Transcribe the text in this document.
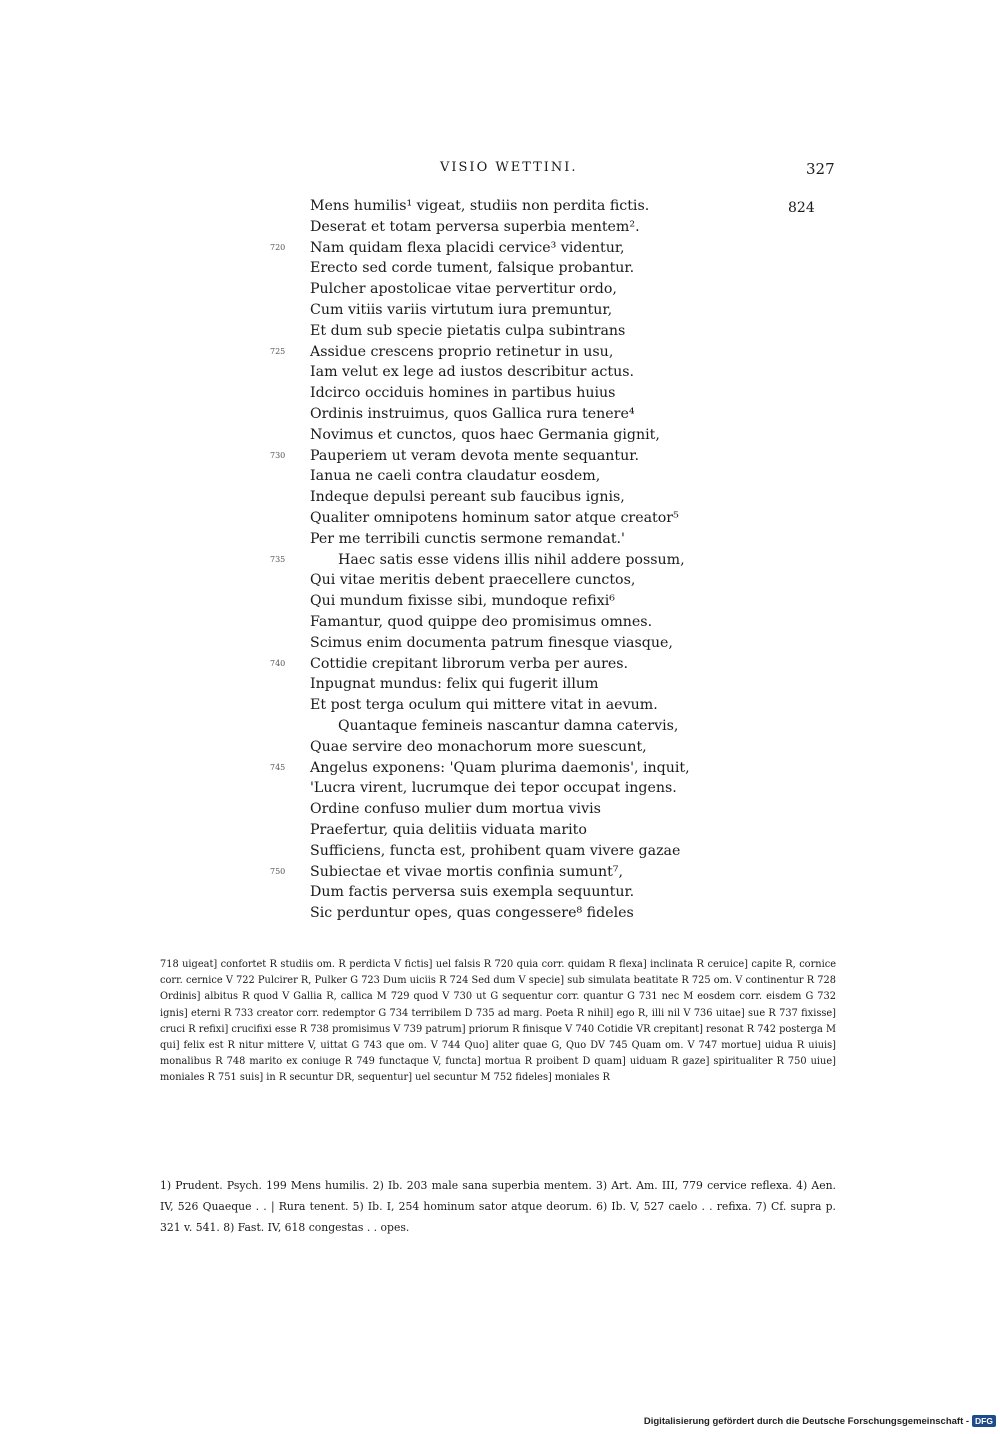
VISIO WETTINI.	327
824
Mens humilis¹ vigeat, studiis non perdita fictis.
Deserat et totam perversa superbia mentem².
720	Nam quidam flexa placidi cervice³ videntur,
Erecto sed corde tument, falsique probantur.
Pulcher apostolicae vitae pervertitur ordo,
Cum vitiis variis virtutum iura premuntur,
Et dum sub specie pietatis culpa subintrans
725	Assidue crescens proprio retinetur in usu,
Iam velut ex lege ad iustos describitur actus.
Idcirco occiduis homines in partibus huius
Ordinis instruimus, quos Gallica rura tenere⁴
Novimus et cunctos, quos haec Germania gignit,
730	Pauperiem ut veram devota mente sequantur.
Ianua ne caeli contra claudatur eosdem,
Indeque depulsi pereant sub faucibus ignis,
Qualiter omnipotens hominum sator atque creator⁵
Per me terribili cunctis sermone remandat.'
735	Haec satis esse videns illis nihil addere possum,
Qui vitae meritis debent praecellere cunctos,
Qui mundum fixisse sibi, mundoque refixi⁶
Famantur, quod quippe deo promisimus omnes.
Scimus enim documenta patrum finesque viasque,
740	Cottidie crepitant librorum verba per aures.
Inpugnat mundus: felix qui fugerit illum
Et post terga oculum qui mittere vitat in aevum.
Quantaque femineis nascantur damna catervis,
Quae servire deo monachorum more suescunt,
745	Angelus exponens: 'Quam plurima daemonis', inquit,
'Lucra virent, lucrumque dei tepor occupat ingens.
Ordine confuso mulier dum mortua vivis
Praefertur, quia delitiis viduata marito
Sufficiens, functa est, prohibent quam vivere gazae
750	Subiectae et vivae mortis confinia sumunt⁷,
Dum factis perversa suis exempla sequuntur.
Sic perduntur opes, quas congessere⁸ fideles
718 uigeat] confortet R studiis om. R perdicta V fictis] uel falsis R 720 quia corr. quidam R flexa] inclinata R ceruice] capite R, cornice corr. cernice V 722 Pulcirer R, Pulker G 723 Dum uiciis R 724 Sed dum V specie] sub simulata beatitate R 725 om. V continentur R 728 Ordinis] albitus R quod V Gallia R, callica M 729 quod V 730 ut G sequentur corr. quantur G 731 nec M eosdem corr. eisdem G 732 ignis] eterni R 733 creator corr. redemptor G 734 terribilem D 735 ad marg. Poeta R nihil] ego R, illi nil V 736 uitae] sue R 737 fixisse] cruci R refixi] crucifixi esse R 738 promisimus V 739 patrum] priorum R finisque V 740 Cotidie VR crepitant] resonat R 742 posterga M qui] felix est R nitur mittere V, uittat G 743 que om. V 744 Quo] aliter quae G, Quo DV 745 Quam om. V 747 mortue] uidua R uiuis] monalibus R 748 marito ex coniuge R 749 functaque V, functa] mortua R proibent D quam] uiduam R gaze] spiritualiter R 750 uiue] moniales R 751 suis] in R secuntur DR, sequentur] uel secuntur M 752 fideles] moniales R
1) Prudent. Psych. 199 Mens humilis. 2) Ib. 203 male sana superbia mentem. 3) Art. Am. III, 779 cervice reflexa. 4) Aen. IV, 526 Quaeque . . | Rura tenent. 5) Ib. I, 254 hominum sator atque deorum. 6) Ib. V, 527 caelo . . refixa. 7) Cf. supra p. 321 v. 541. 8) Fast. IV, 618 congestas . . opes.
Digitalisierung gefördert durch die Deutsche Forschungsgemeinschaft - DFG
